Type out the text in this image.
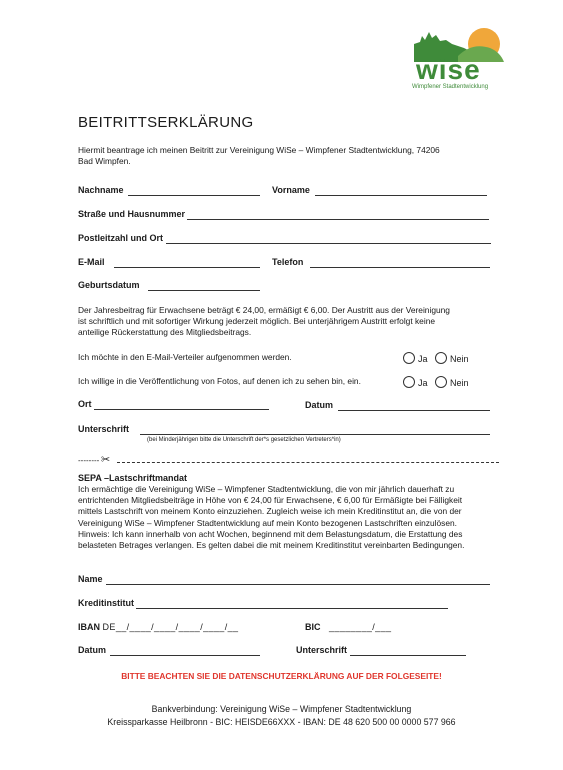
wise
Wimpfener Stadtentwicklung
BEITRITTSERKLÄRUNG
Hiermit beantrage ich meinen Beitritt zur Vereinigung WiSe – Wimpfener Stadtentwicklung, 74206
Bad Wimpfen.
Nachname	Vorname
Straße und Hausnummer
Postleitzahl und Ort
E-Mail	Telefon
Geburtsdatum
Der Jahresbeitrag für Erwachsene beträgt € 24,00, ermäßigt € 6,00. Der Austritt aus der Vereinigung
ist schriftlich und mit sofortiger Wirkung jederzeit möglich. Bei unterjährigem Austritt erfolgt keine
anteilige Rückerstattung des Mitgliedsbeitrags.
Ich möchte in den E-Mail-Verteiler aufgenommen werden.	Ja	Nein
Ich willige in die Veröffentlichung von Fotos, auf denen ich zu sehen bin, ein.	Ja	Nein
Ort	Datum
Unterschrift
(bei Minderjährigen bitte die Unterschrift der*s gesetzlichen Vertreters*in)
-------- ✂
SEPA –Lastschriftmandat
Ich ermächtige die Vereinigung WiSe – Wimpfener Stadtentwicklung, die von mir jährlich dauerhaft zu
entrichtenden Mitgliedsbeiträge in Höhe von € 24,00 für Erwachsene, € 6,00 für Ermäßigte bei Fälligkeit
mittels Lastschrift von meinem Konto einzuziehen. Zugleich weise ich mein Kreditinstitut an, die von der
Vereinigung WiSe – Wimpfener Stadtentwicklung auf mein Konto bezogenen Lastschriften einzulösen.
Hinweis: Ich kann innerhalb von acht Wochen, beginnend mit dem Belastungsdatum, die Erstattung des
belasteten Betrages verlangen. Es gelten dabei die mit meinem Kreditinstitut vereinbarten Bedingungen.
Name
Kreditinstitut
IBAN DE__/____/____/____/____/__	BIC ________/___
Datum	Unterschrift
BITTE BEACHTEN SIE DIE DATENSCHUTZERKLÄRUNG AUF DER FOLGESEITE!
Bankverbindung: Vereinigung WiSe – Wimpfener Stadtentwicklung
Kreissparkasse Heilbronn - BIC: HEISDE66XXX - IBAN: DE 48 620 500 00 0000 577 966
